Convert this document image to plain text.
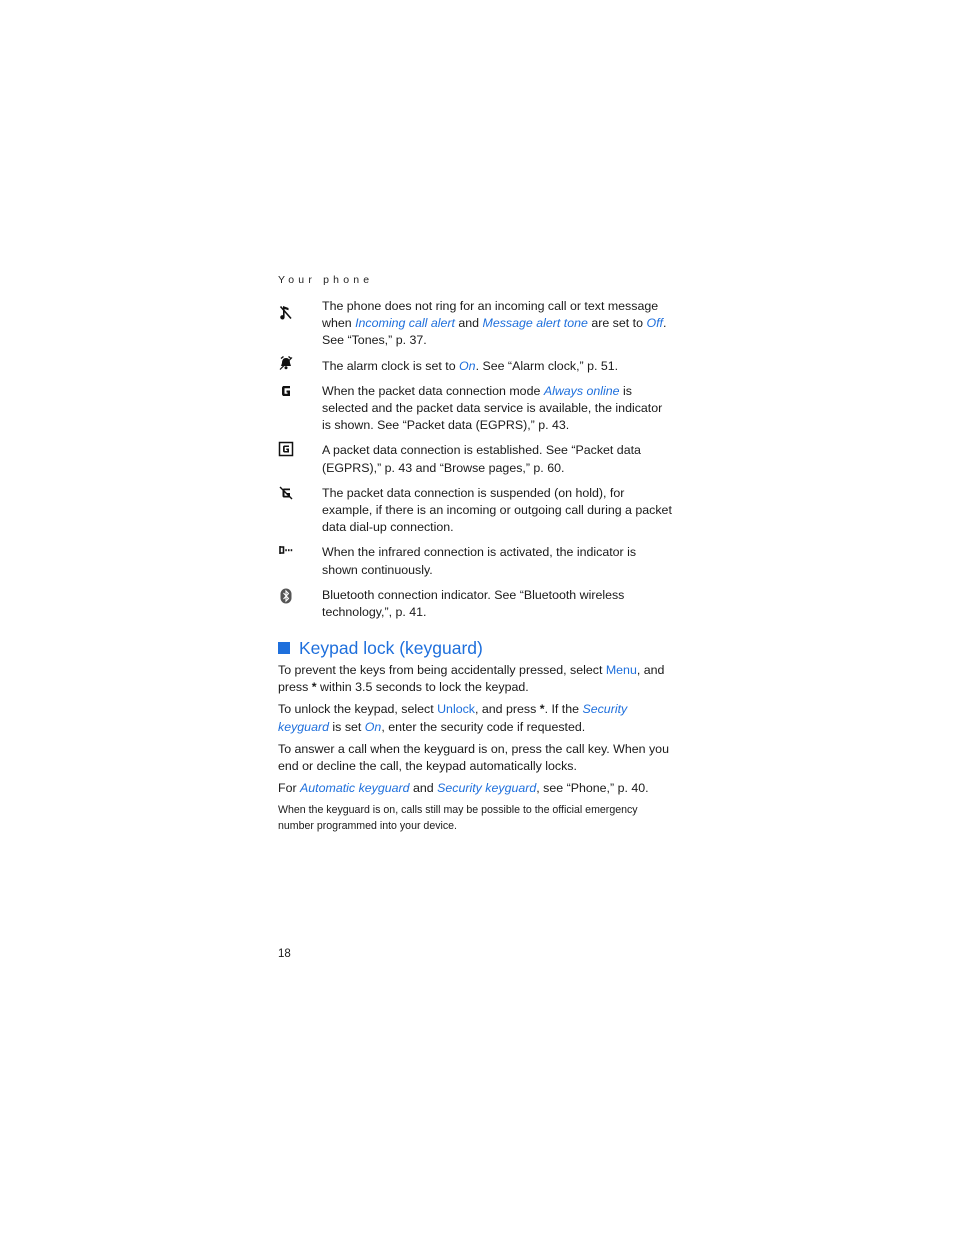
Your phone
The phone does not ring for an incoming call or text message when Incoming call alert and Message alert tone are set to Off. See “Tones,” p. 37.
The alarm clock is set to On. See “Alarm clock,” p. 51.
When the packet data connection mode Always online is selected and the packet data service is available, the indicator is shown. See “Packet data (EGPRS),” p. 43.
A packet data connection is established. See “Packet data (EGPRS),” p. 43 and “Browse pages,” p. 60.
The packet data connection is suspended (on hold), for example, if there is an incoming or outgoing call during a packet data dial-up connection.
When the infrared connection is activated, the indicator is shown continuously.
Bluetooth connection indicator. See “Bluetooth wireless technology,”, p. 41.
Keypad lock (keyguard)

To prevent the keys from being accidentally pressed, select Menu, and press * within 3.5 seconds to lock the keypad.

To unlock the keypad, select Unlock, and press *. If the Security keyguard is set On, enter the security code if requested.

To answer a call when the keyguard is on, press the call key. When you end or decline the call, the keypad automatically locks.

For Automatic keyguard and Security keyguard, see “Phone,” p. 40.

When the keyguard is on, calls still may be possible to the official emergency number programmed into your device.

18
